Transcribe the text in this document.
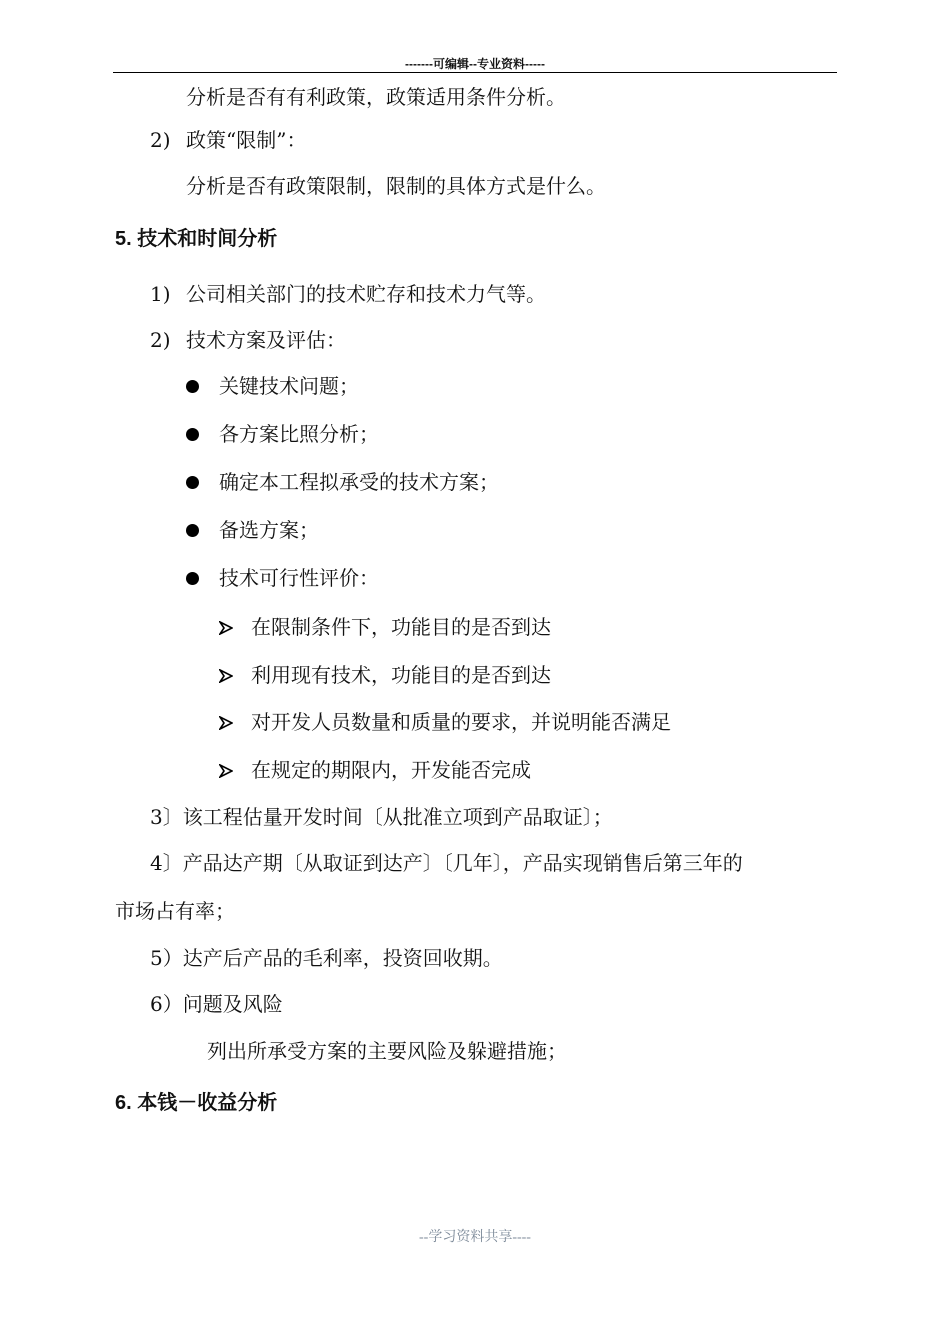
-------可编辑--专业资料-----
分析是否有有利政策，政策适用条件分析。
2) 政策“限制”：
分析是否有政策限制，限制的具体方式是什么。
5. 技术和时间分析
1) 公司相关部门的技术贮存和技术力气等。
2) 技术方案及评估：
关键技术问题；
各方案比照分析；
确定本工程拟承受的技术方案；
备选方案；
技术可行性评价：
在限制条件下，功能目的是否到达
利用现有技术，功能目的是否到达
对开发人员数量和质量的要求，并说明能否满足
在规定的期限内，开发能否完成
3〕该工程估量开发时间〔从批准立项到产品取证〕；
4〕产品达产期〔从取证到达产〕〔几年〕，产品实现销售后第三年的
市场占有率；
5）达产后产品的毛利率，投资回收期。
6）问题及风险
列出所承受方案的主要风险及躲避措施；
6. 本钱－收益分析
--学习资料共享----
